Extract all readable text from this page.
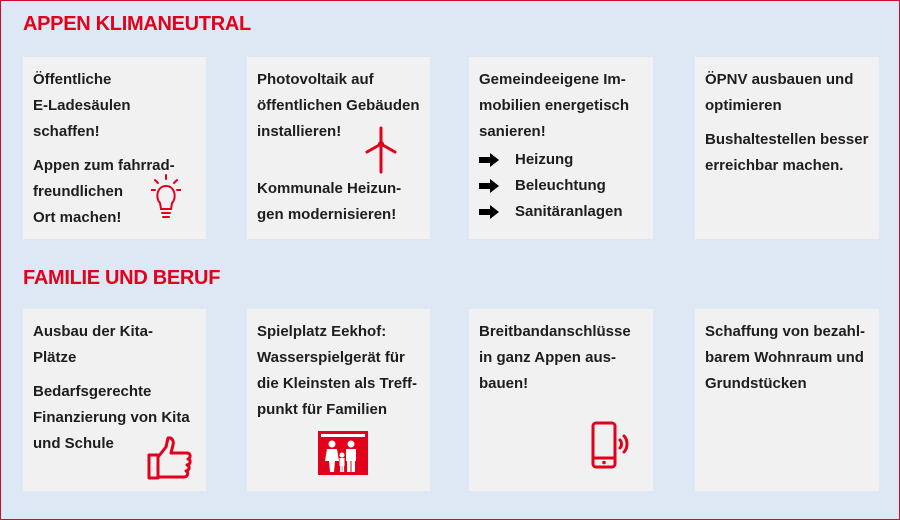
APPEN KLIMANEUTRAL
Öffentliche
E-Ladesäulen schaffen!
Appen zum fahrrad-
freundlichen
Ort machen!
Photovoltaik auf
öffentlichen Gebäuden
installieren!
Kommunale Heizun-
gen modernisieren!
Gemeindeeigene Im-
mobilien energetisch
sanieren!
Heizung
Beleuchtung
Sanitäranlagen
ÖPNV ausbauen und
optimieren
Bushaltestellen besser
erreichbar machen.
FAMILIE UND BERUF
Ausbau der Kita-Plätze
Bedarfsgerechte
Finanzierung von Kita
und Schule
Spielplatz Eekhof:
Wasserspielgerät für
die Kleinsten als Treff-
punkt für Familien
Breitbandanschlüsse
in ganz Appen aus-
bauen!
Schaffung von bezahl-
barem Wohnraum und
Grundstücken
